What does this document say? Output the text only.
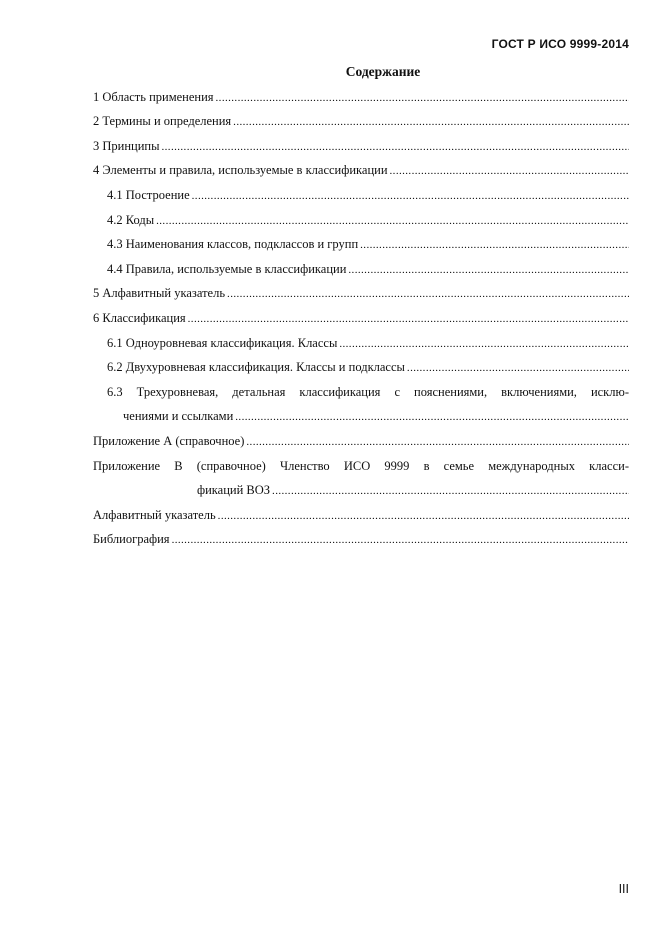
ГОСТ Р ИСО 9999-2014
Содержание
1 Область применения
.....
2 Термины и определения
.....
3 Принципы
.....
4 Элементы и правила, используемые в классификации
.....
4.1 Построение
.....
4.2 Коды
.....
4.3 Наименования классов, подклассов и групп
.....
4.4 Правила, используемые в классификации
.....
5 Алфавитный указатель
.....
6 Классификация
.....
6.1 Одноуровневая классификация. Классы
.....
6.2 Двухуровневая классификация. Классы и подклассы
.....
6.3 Трехуровневая, детальная классификация с пояснениями, включениями, исклю-
чениями и ссылками
.....
Приложение А (справочное)
.....
Приложение В (справочное) Членство ИСО 9999 в семье международных класси-
фикаций ВОЗ
.....
Алфавитный указатель
.....
Библиография
.....
III
